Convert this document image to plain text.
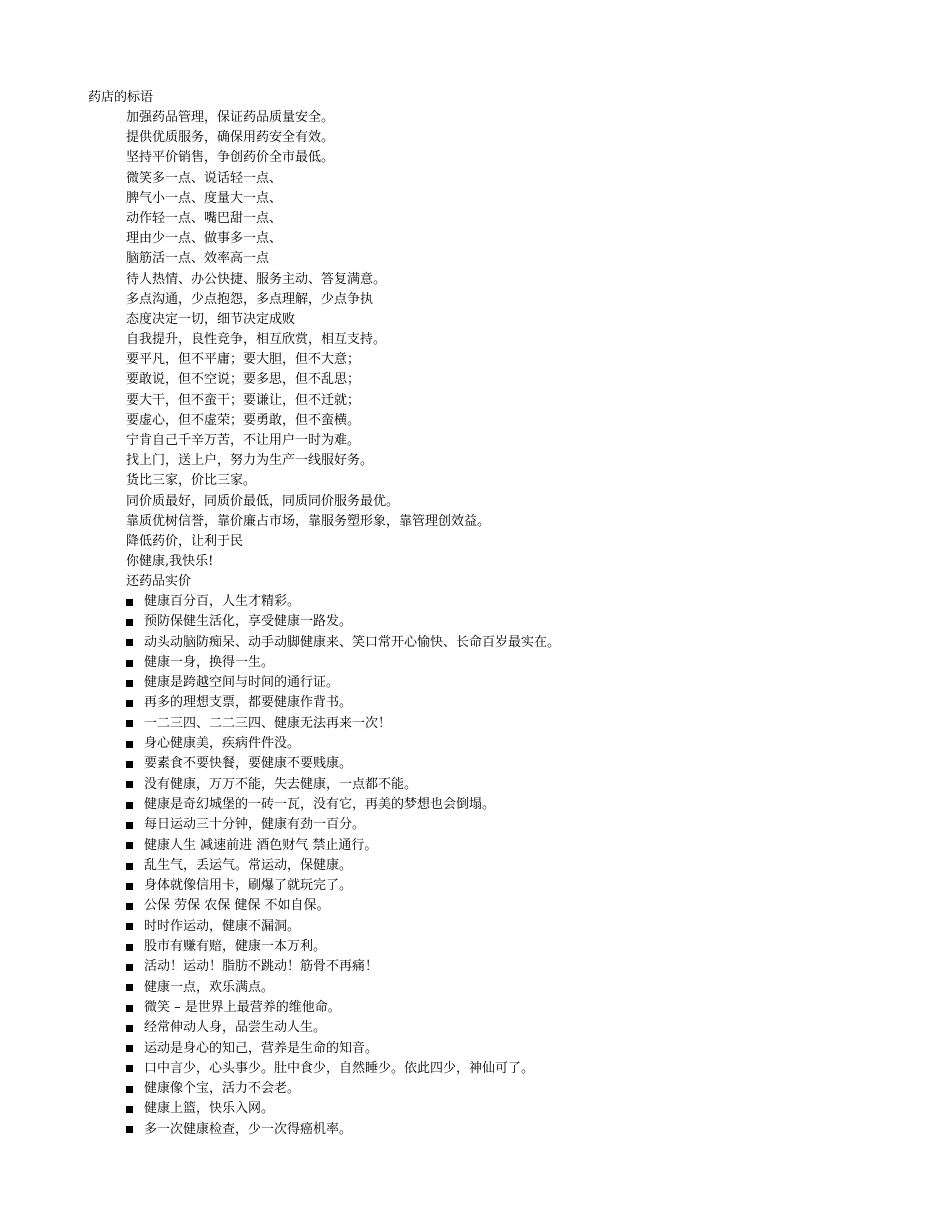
药店的标语
加强药品管理，保证药品质量安全。
提供优质服务，确保用药安全有效。
坚持平价销售，争创药价全市最低。
微笑多一点、说话轻一点、
脾气小一点、度量大一点、
动作轻一点、嘴巴甜一点、
理由少一点、做事多一点、
脑筋活一点、效率高一点
待人热情、办公快捷、服务主动、答复满意。
多点沟通，少点抱怨，多点理解，少点争执
态度决定一切，细节决定成败
自我提升，良性竞争，相互欣赏，相互支持。
要平凡，但不平庸；要大胆，但不大意；
要敢说，但不空说；要多思，但不乱思；
要大干，但不蛮干；要谦让，但不迁就；
要虚心，但不虚荣；要勇敢，但不蛮横。
宁肯自己千辛万苦，不让用户一时为难。
找上门，送上户，努力为生产一线服好务。
货比三家，价比三家。
同价质最好，同质价最低，同质同价服务最优。
靠质优树信誉，靠价廉占市场，靠服务塑形象，靠管理创效益。
降低药价，让利于民
你健康,我快乐!
还药品实价
健康百分百，人生才精彩。
预防保健生活化，享受健康一路发。
动头动脑防痴呆、动手动脚健康来、笑口常开心愉快、长命百岁最实在。
健康一身，换得一生。
健康是跨越空间与时间的通行证。
再多的理想支票，都要健康作背书。
一二三四、二二三四、健康无法再来一次！
身心健康美，疾病件件没。
要素食不要快餐，要健康不要贱康。
没有健康，万万不能，失去健康，一点都不能。
健康是奇幻城堡的一砖一瓦，没有它，再美的梦想也会倒塌。
每日运动三十分钟，健康有劲一百分。
健康人生 减速前进 酒色财气 禁止通行。
乱生气，丢运气。常运动，保健康。
身体就像信用卡，刷爆了就玩完了。
公保 劳保 农保 健保 不如自保。
时时作运动，健康不漏洞。
股市有赚有赔，健康一本万利。
活动！运动！脂肪不跳动！筋骨不再痛！
健康一点，欢乐满点。
微笑 – 是世界上最营养的维他命。
经常伸动人身，品尝生动人生。
运动是身心的知己，营养是生命的知音。
口中言少，心头事少。肚中食少，自然睡少。依此四少，神仙可了。
健康像个宝，活力不会老。
健康上篮，快乐入网。
多一次健康检查，少一次得癌机率。
